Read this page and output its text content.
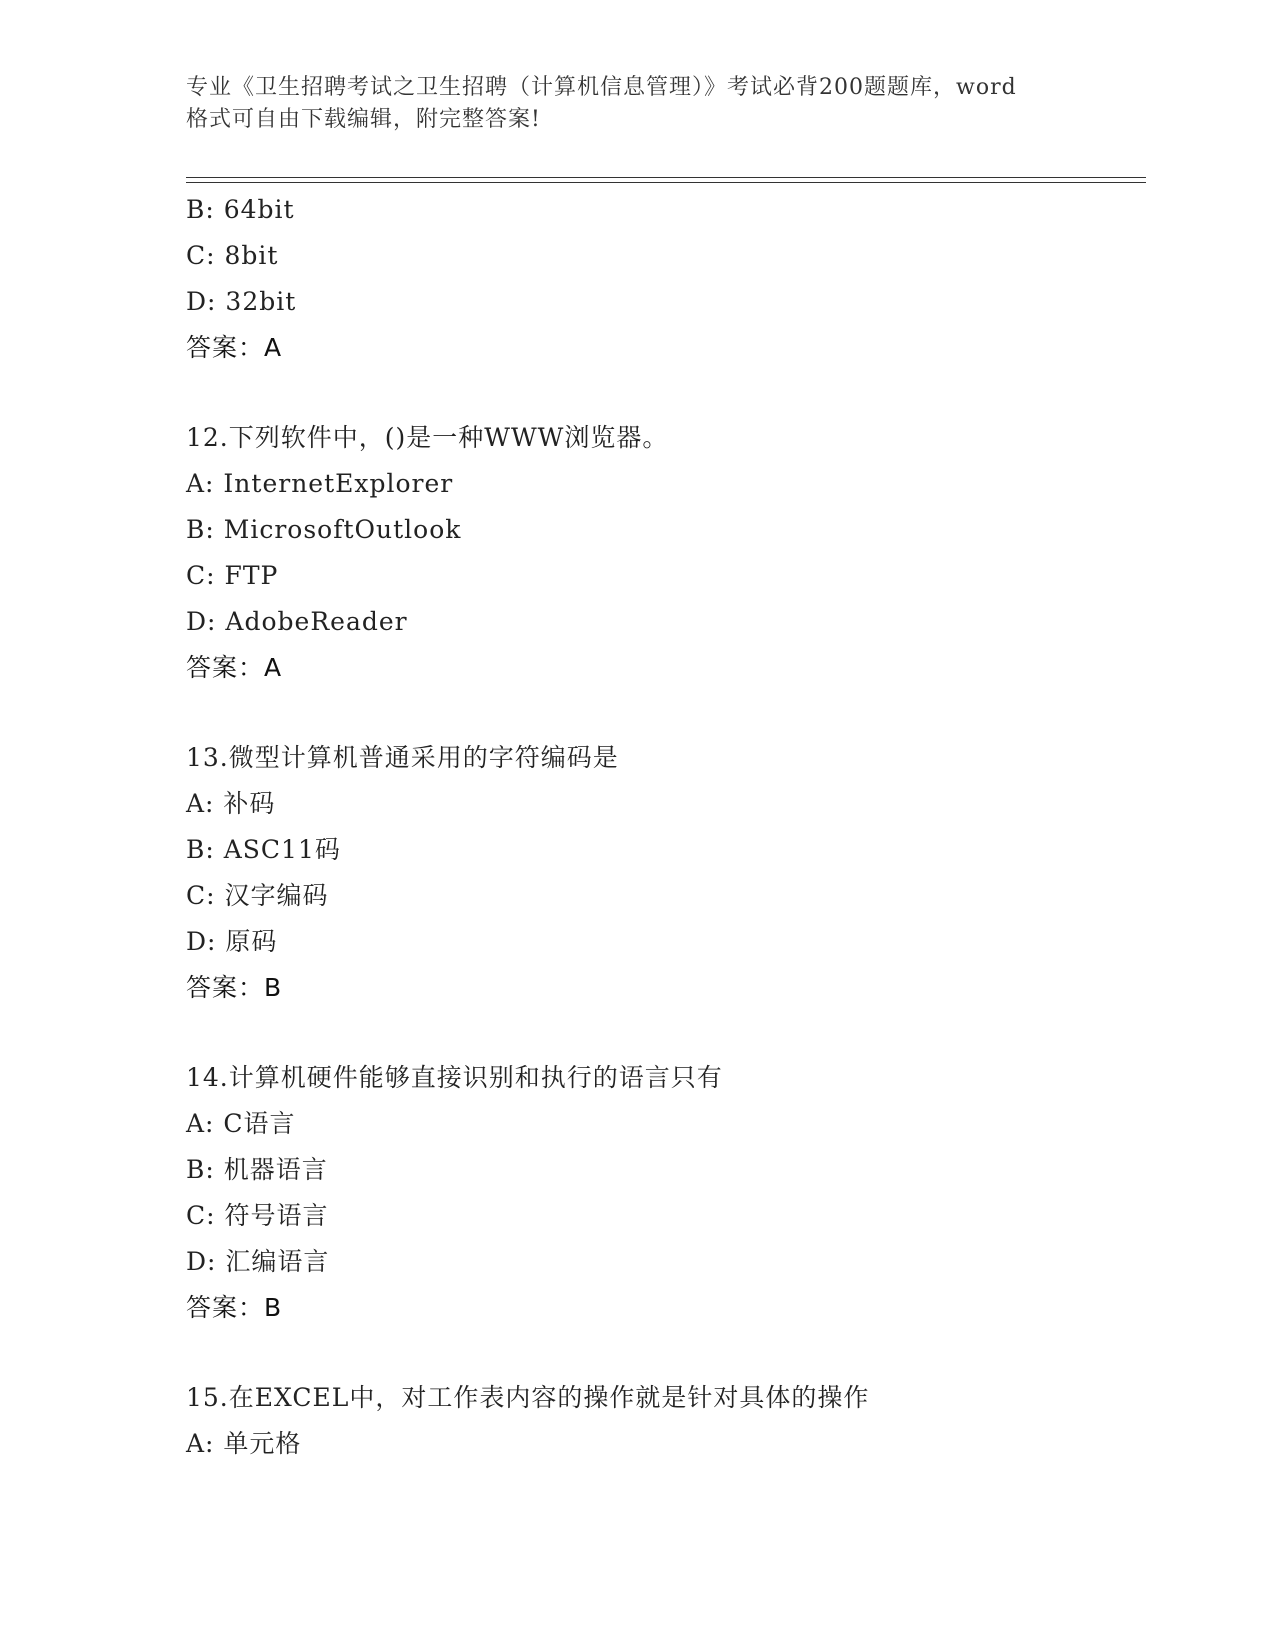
专业《卫生招聘考试之卫生招聘（计算机信息管理）》考试必背200题题库，word
格式可自由下载编辑，附完整答案!
B: 64bit
C: 8bit
D: 32bit
答案：A
12.下列软件中，()是一种WWW浏览器。
A: InternetExplorer
B: MicrosoftOutlook
C: FTP
D: AdobeReader
答案：A
13.微型计算机普通采用的字符编码是
A: 补码
B: ASC11码
C: 汉字编码
D: 原码
答案：B
14.计算机硬件能够直接识别和执行的语言只有
A: C语言
B: 机器语言
C: 符号语言
D: 汇编语言
答案：B
15.在EXCEL中，对工作表内容的操作就是针对具体的操作
A: 单元格
